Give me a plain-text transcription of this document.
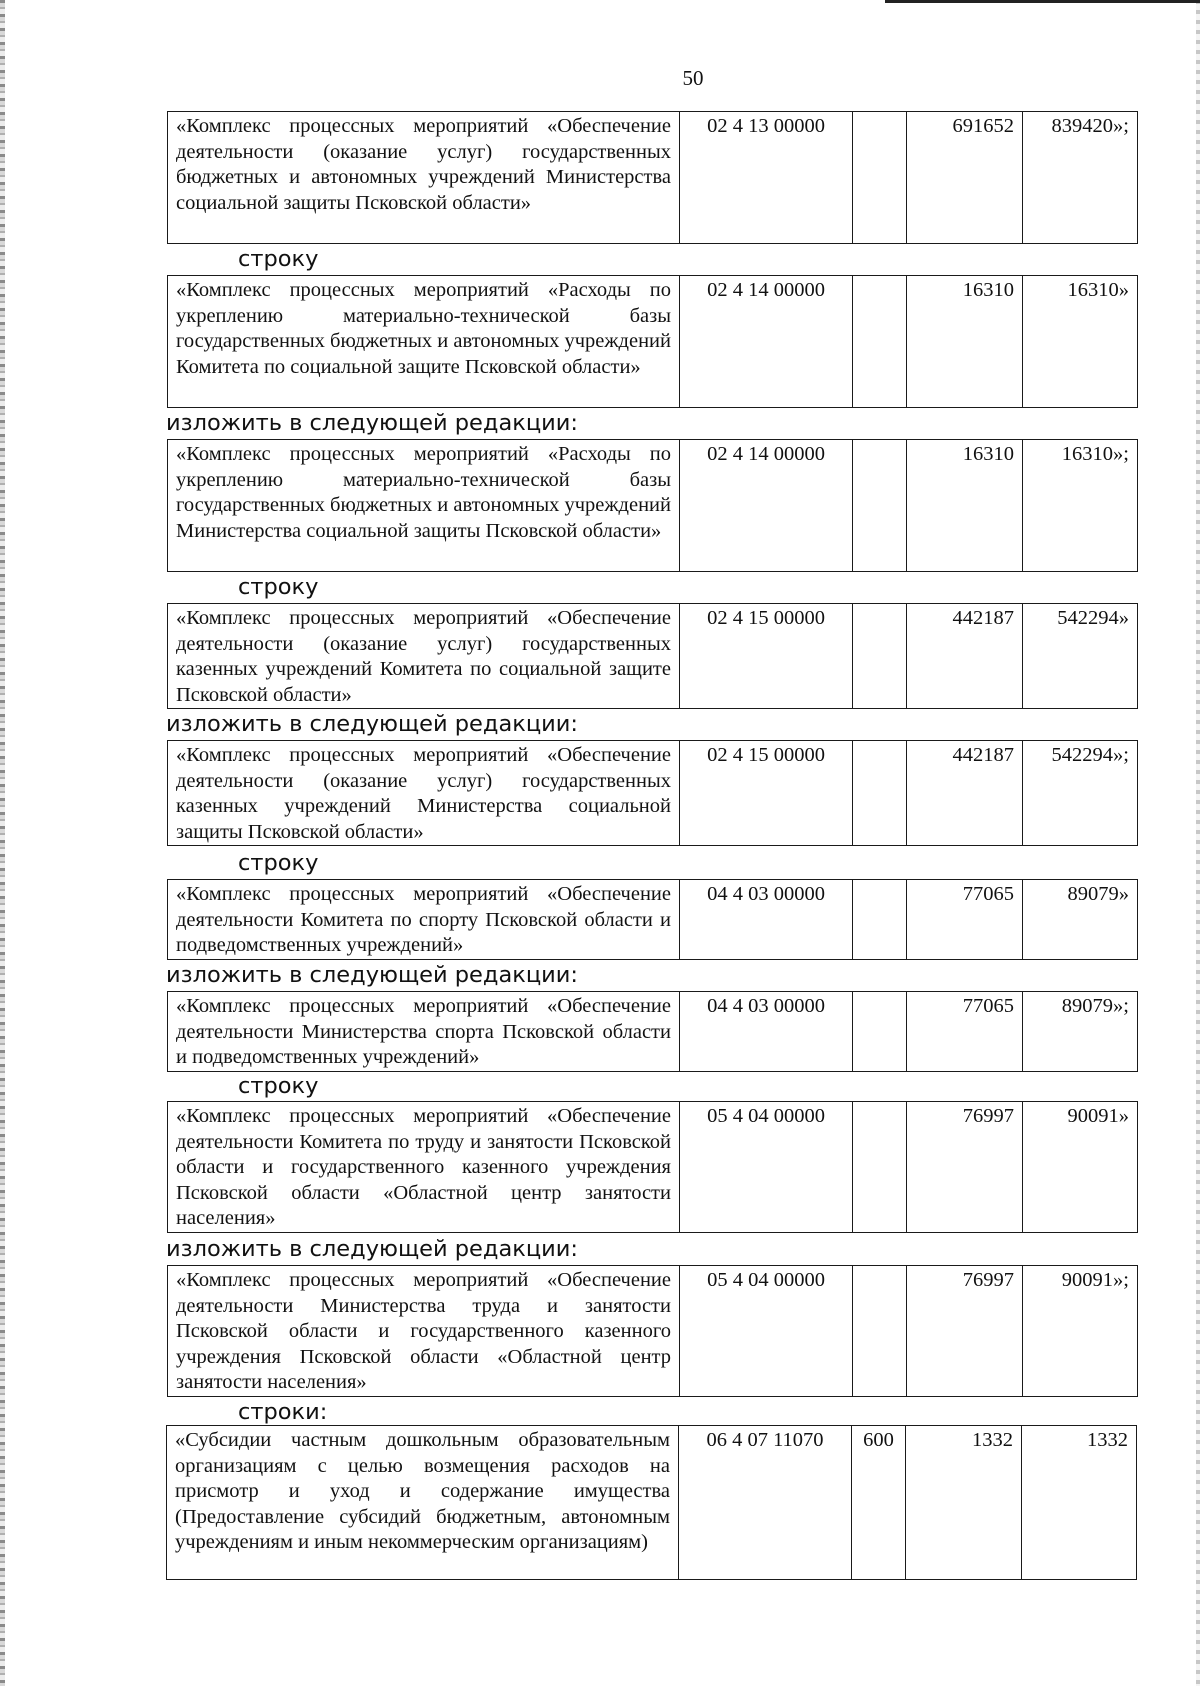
50
«Комплекс процессных мероприятий «Обеспечение деятельности (оказание услуг) государственных бюджетных и автономных учреждений Министерства социальной защиты Псковской области»	02 4 13 00000		691652	839420»;
строку
«Комплекс процессных мероприятий «Расходы по укреплению материально-технической базы государственных бюджетных и автономных учреждений Комитета по социальной защите Псковской области»	02 4 14 00000		16310	16310»
изложить в следующей редакции:
«Комплекс процессных мероприятий «Расходы по укреплению материально-технической базы государственных бюджетных и автономных учреждений Министерства социальной защиты Псковской области»	02 4 14 00000		16310	16310»;
строку
«Комплекс процессных мероприятий «Обеспечение деятельности (оказание услуг) государственных казенных учреждений Комитета по социальной защите Псковской области»	02 4 15 00000		442187	542294»
изложить в следующей редакции:
«Комплекс процессных мероприятий «Обеспечение деятельности (оказание услуг) государственных казенных учреждений Министерства социальной защиты Псковской области»	02 4 15 00000		442187	542294»;
строку
«Комплекс процессных мероприятий «Обеспечение деятельности Комитета по спорту Псковской области и подведомственных учреждений»	04 4 03 00000		77065	89079»
изложить в следующей редакции:
«Комплекс процессных мероприятий «Обеспечение деятельности Министерства спорта Псковской области и подведомственных учреждений»	04 4 03 00000		77065	89079»;
строку
«Комплекс процессных мероприятий «Обеспечение деятельности Комитета по труду и занятости Псковской области и государственного казенного учреждения Псковской области «Областной центр занятости населения»	05 4 04 00000		76997	90091»
изложить в следующей редакции:
«Комплекс процессных мероприятий «Обеспечение деятельности Министерства труда и занятости Псковской области и государственного казенного учреждения Псковской области «Областной центр занятости населения»	05 4 04 00000		76997	90091»;
строки:
«Субсидии частным дошкольным образовательным организациям с целью возмещения расходов на присмотр и уход и содержание имущества (Предоставление субсидий бюджетным, автономным учреждениям и иным некоммерческим организациям)	06 4 07 11070	600	1332	1332
